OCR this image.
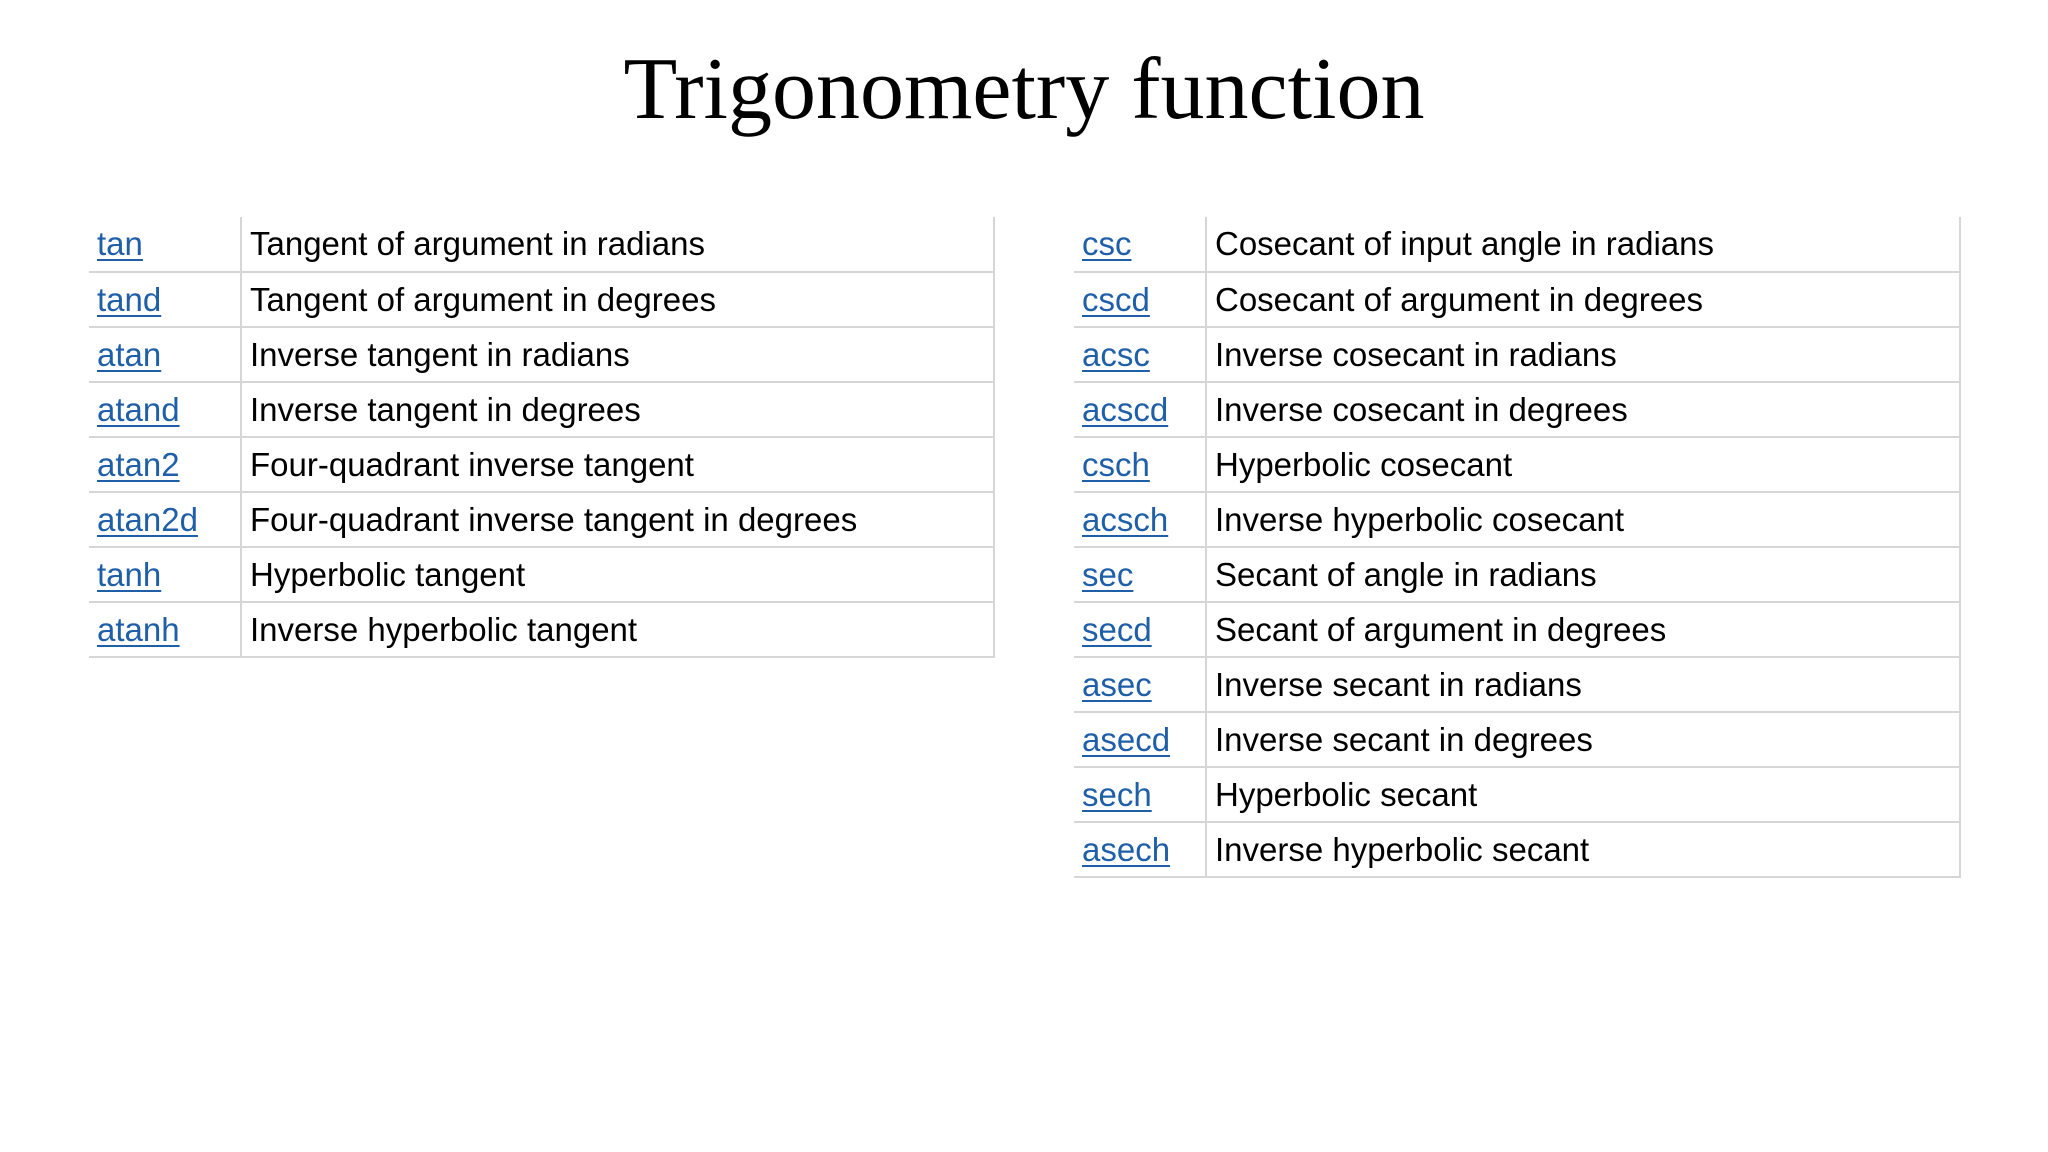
Trigonometry function
tan	Tangent of argument in radians
tand	Tangent of argument in degrees
atan	Inverse tangent in radians
atand	Inverse tangent in degrees
atan2	Four-quadrant inverse tangent
atan2d	Four-quadrant inverse tangent in degrees
tanh	Hyperbolic tangent
atanh	Inverse hyperbolic tangent
csc	Cosecant of input angle in radians
cscd	Cosecant of argument in degrees
acsc	Inverse cosecant in radians
acscd	Inverse cosecant in degrees
csch	Hyperbolic cosecant
acsch	Inverse hyperbolic cosecant
sec	Secant of angle in radians
secd	Secant of argument in degrees
asec	Inverse secant in radians
asecd	Inverse secant in degrees
sech	Hyperbolic secant
asech	Inverse hyperbolic secant
